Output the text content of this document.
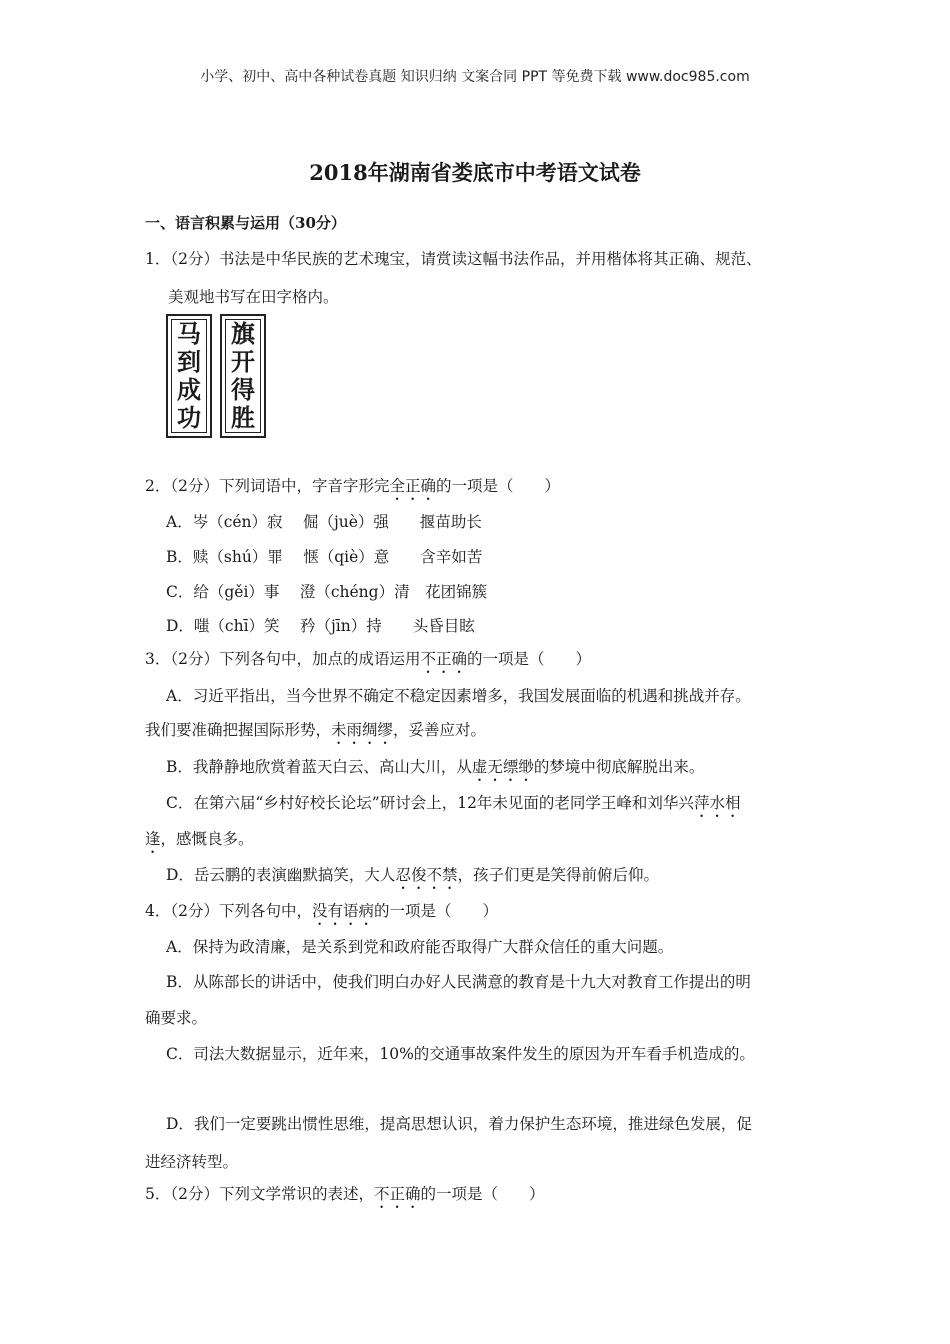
小学、初中、高中各种试卷真题 知识归纳 文案合同 PPT 等免费下载 www.doc985.com
2018年湖南省娄底市中考语文试卷
一、语言积累与运用（30分）
1．（2分）书法是中华民族的艺术瑰宝，请赏读这幅书法作品，并用楷体将其正确、规范、
美观地书写在田字格内。
马到成功
旗开得胜
2．（2分）下列词语中，字音字形完全正确的一项是（　　）
A．岑（cén）寂　 倔（juè）强　　揠苗助长
B．赎（shú）罪　 惬（qiè）意　　含辛如苦
C．给（gěi）事　 澄（chéng）清　花团锦簇
D．嗤（chī）笑　 矜（jīn）持　　头昏目眩
3．（2分）下列各句中，加点的成语运用不正确的一项是（　　）
A．习近平指出，当今世界不确定不稳定因素增多，我国发展面临的机遇和挑战并存。
我们要准确把握国际形势，未雨绸缪，妥善应对。
B．我静静地欣赏着蓝天白云、高山大川，从虚无缥缈的梦境中彻底解脱出来。
C．在第六届“乡村好校长论坛”研讨会上，12年未见面的老同学王峰和刘华兴萍水相
逢，感慨良多。
D．岳云鹏的表演幽默搞笑，大人忍俊不禁，孩子们更是笑得前俯后仰。
4．（2分）下列各句中，没有语病的一项是（　　）
A．保持为政清廉，是关系到党和政府能否取得广大群众信任的重大问题。
B．从陈部长的讲话中，使我们明白办好人民满意的教育是十九大对教育工作提出的明
确要求。
C．司法大数据显示，近年来，10%的交通事故案件发生的原因为开车看手机造成的。
D．我们一定要跳出惯性思维，提高思想认识，着力保护生态环境，推进绿色发展，促
进经济转型。
5．（2分）下列文学常识的表述，不正确的一项是（　　）
